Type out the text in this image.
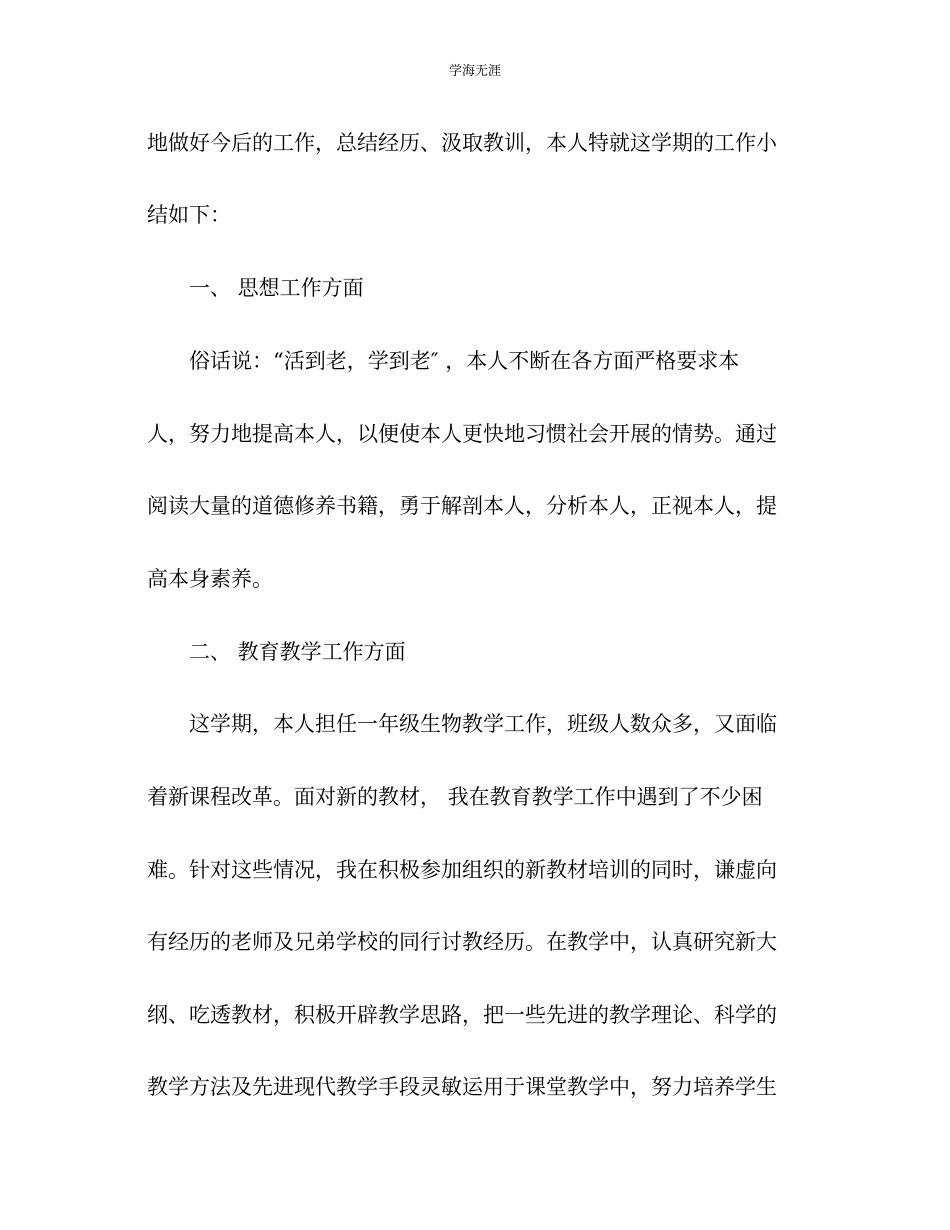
学海无涯
地做好今后的工作，总结经历、汲取教训，本人特就这学期的工作小
结如下：
一、 思想工作方面
俗话说：“活到老，学到老″ ，本人不断在各方面严格要求本
人，努力地提高本人，以便使本人更快地习惯社会开展的情势。通过
阅读大量的道德修养书籍，勇于解剖本人，分析本人，正视本人，提
高本身素养。
二、 教育教学工作方面
这学期，本人担任一年级生物教学工作，班级人数众多，又面临
着新课程改革。面对新的教材， 我在教育教学工作中遇到了不少困
难。针对这些情况，我在积极参加组织的新教材培训的同时，谦虚向
有经历的老师及兄弟学校的同行讨教经历。在教学中，认真研究新大
纲、吃透教材，积极开辟教学思路，把一些先进的教学理论、科学的
教学方法及先进现代教学手段灵敏运用于课堂教学中，努力培养学生
